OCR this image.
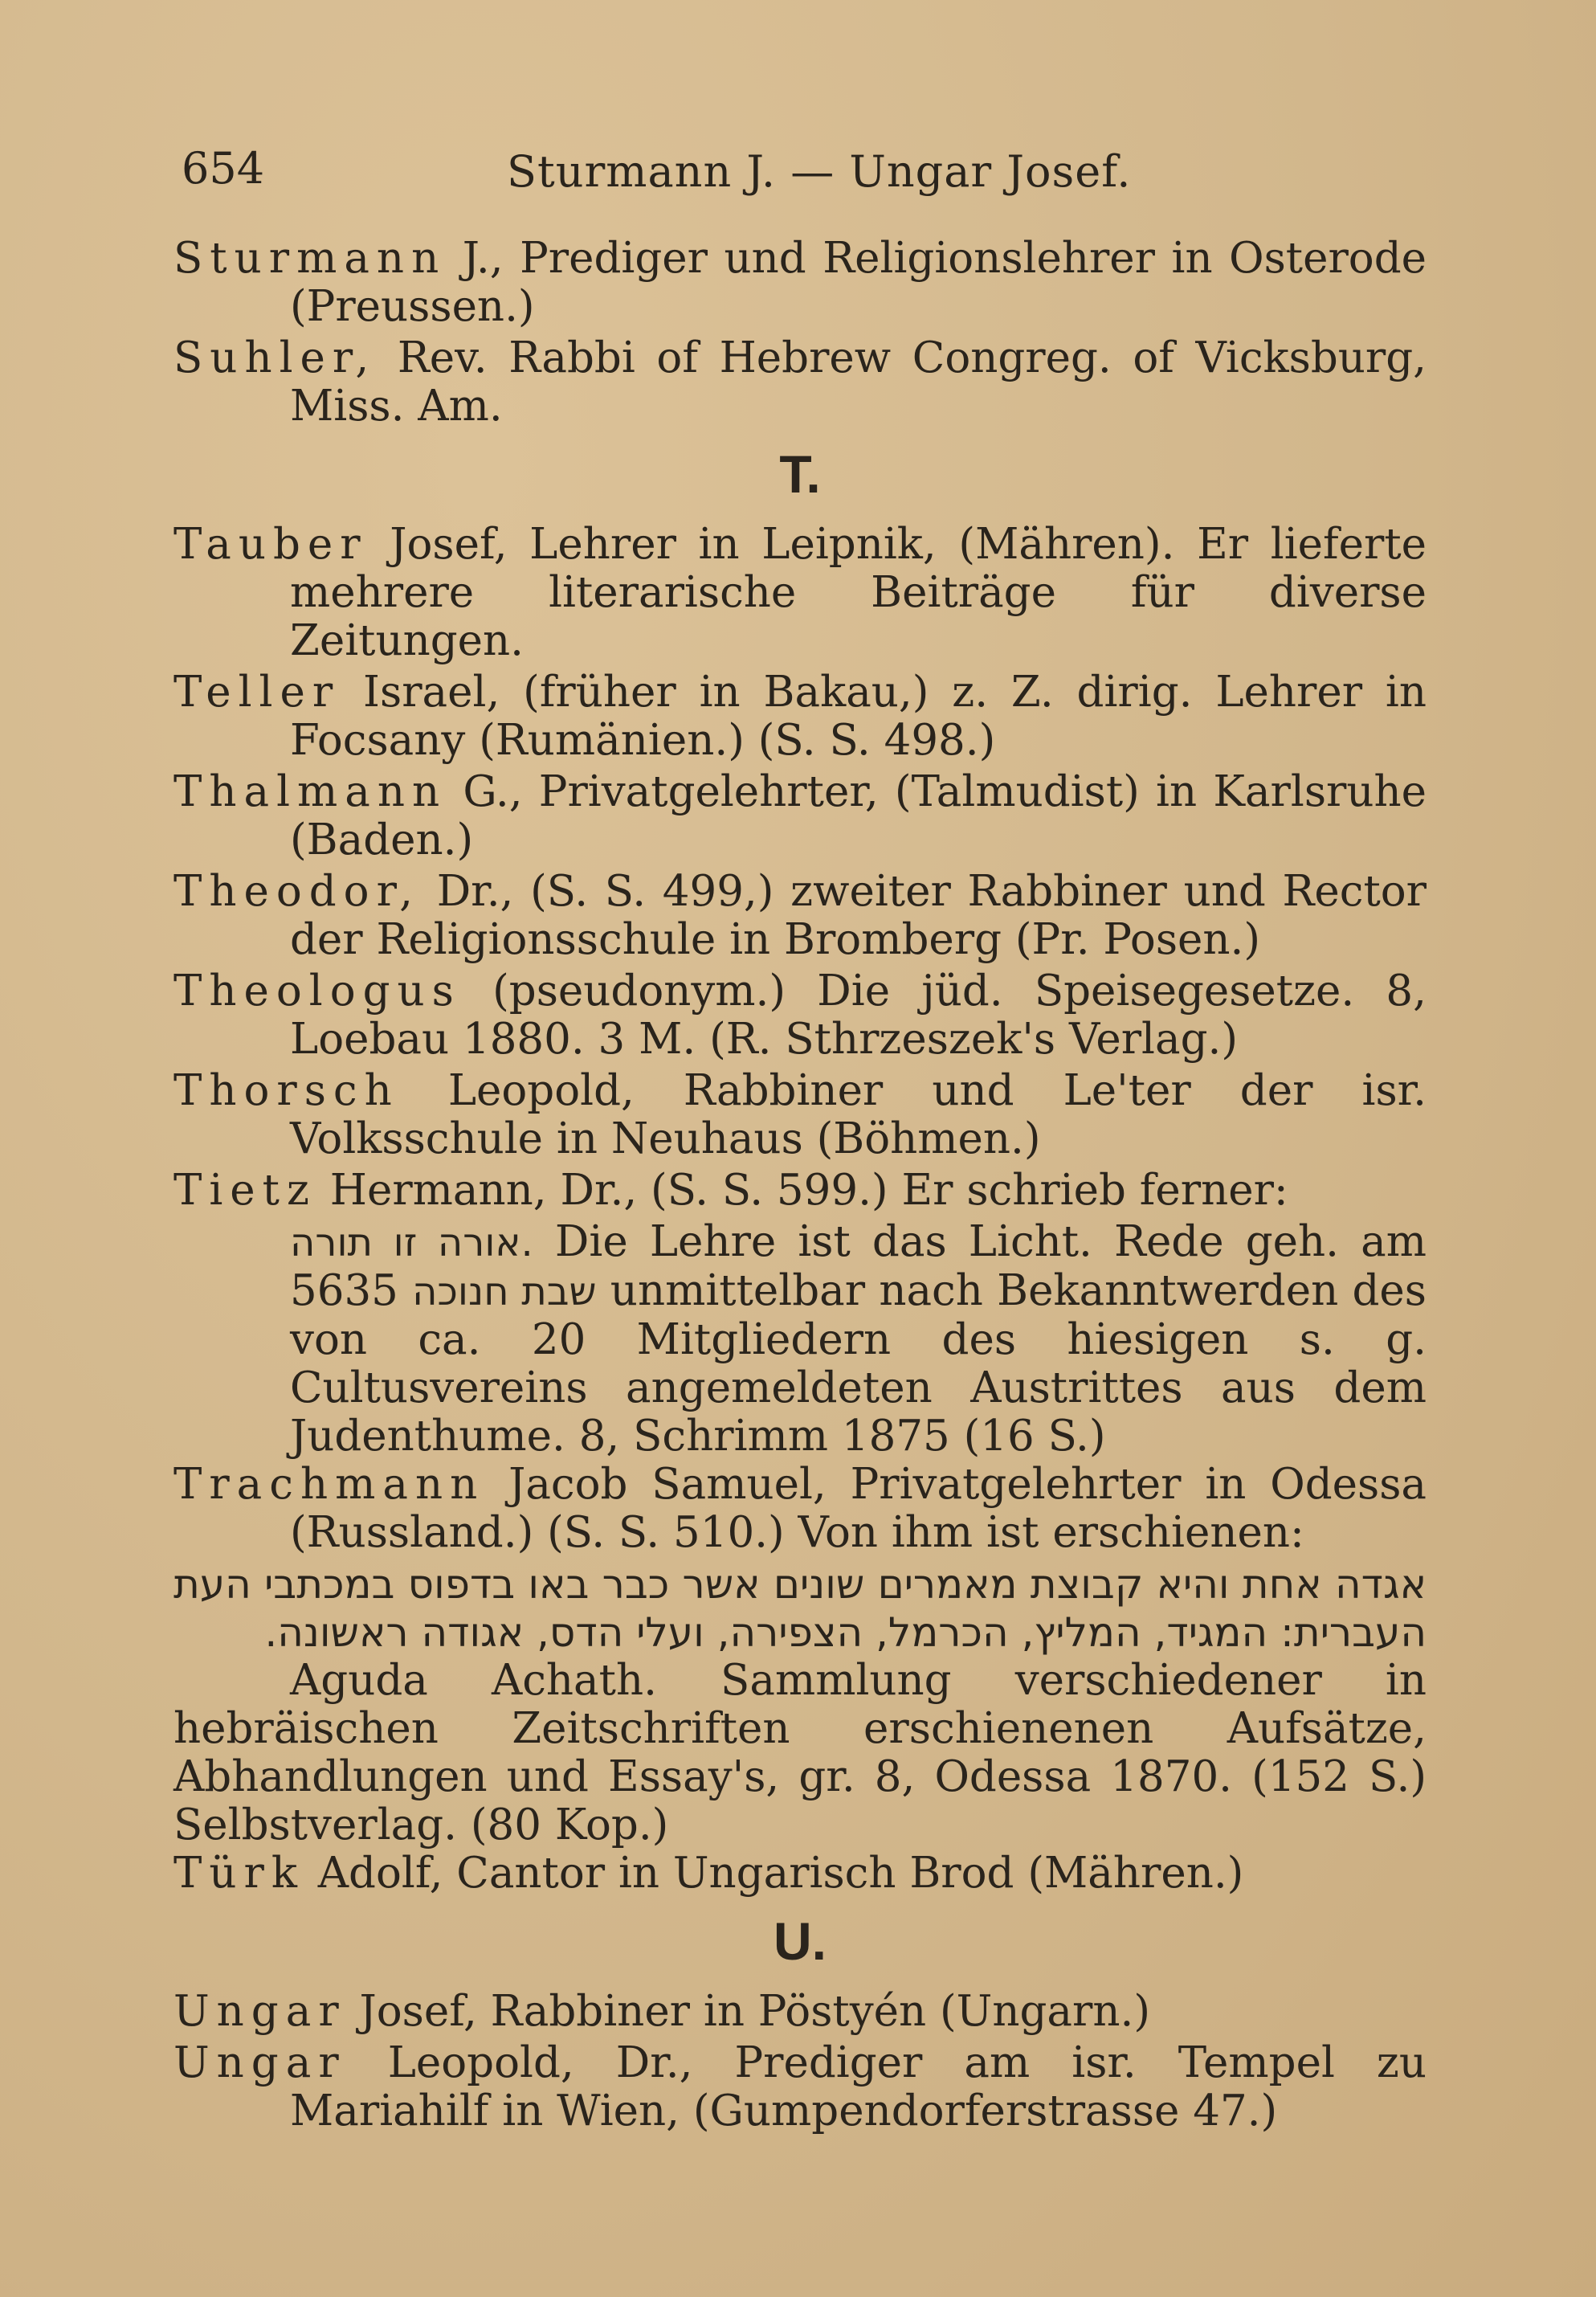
654	Sturmann J. — Ungar Josef.

Sturmann J., Prediger und Religionslehrer in Osterode (Preussen.)

Suhler, Rev. Rabbi of Hebrew Congreg. of Vicksburg, Miss. Am.

T.

Tauber Josef, Lehrer in Leipnik, (Mähren). Er lieferte mehrere literarische Beiträge für diverse Zeitungen.

Teller Israel, (früher in Bakau,) z. Z. dirig. Lehrer in Focsany (Rumänien.) (S. S. 498.)

Thalmann G., Privatgelehrter, (Talmudist) in Karlsruhe (Baden.)

Theodor, Dr., (S. S. 499,) zweiter Rabbiner und Rector der Religionsschule in Bromberg (Pr. Posen.)

Theologus (pseudonym.) Die jüd. Speisegesetze. 8, Loebau 1880. 3 M. (R. Sthrzeszek's Verlag.)

Thorsch Leopold, Rabbiner und Le'ter der isr. Volksschule in Neuhaus (Böhmen.)

Tietz Hermann, Dr., (S. S. 599.) Er schrieb ferner:

אורה זו תורה. Die Lehre ist das Licht. Rede geh. am שבת חנוכה 5635 unmittelbar nach Bekanntwerden des von ca. 20 Mitgliedern des hiesigen s. g. Cultusvereins angemeldeten Austrittes aus dem Judenthume. 8, Schrimm 1875 (16 S.)

Trachmann Jacob Samuel, Privatgelehrter in Odessa (Russland.) (S. S. 510.) Von ihm ist erschienen:

אגדה אחת והיא קבוצת מאמרים שונים אשר כבר באו בדפוס במכתבי העת העברית: המגיד, המליץ, הכרמל, הצפירה, ועלי הדס, אגודה ראשונה.

Aguda Achath. Sammlung verschiedener in hebräischen Zeitschriften erschienenen Aufsätze, Abhandlungen und Essay's, gr. 8, Odessa 1870. (152 S.) Selbstverlag. (80 Kop.)

Türk Adolf, Cantor in Ungarisch Brod (Mähren.)

U.

Ungar Josef, Rabbiner in Pöstyén (Ungarn.)

Ungar Leopold, Dr., Prediger am isr. Tempel zu Mariahilf in Wien, (Gumpendorferstrasse 47.)
